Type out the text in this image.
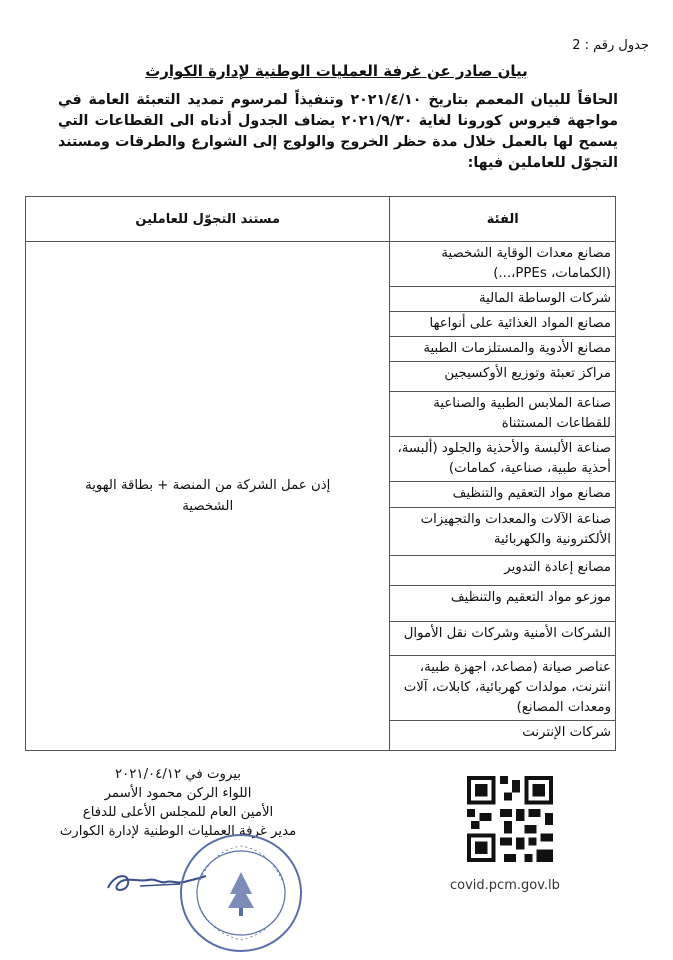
جدول رقم : 2
بيان صادر عن غرفة العمليات الوطنية لإدارة الكوارث
الحاقاً للبيان المعمم بتاريخ ٢٠٢١/٤/١٠ وتنفيذاً لمرسوم تمديد التعبئة العامة في مواجهة فيروس كورونا لغاية ٢٠٢١/٩/٣٠ يضاف الجدول أدناه الى القطاعات التي يسمح لها بالعمل خلال مدة حظر الخروج والولوج إلى الشوارع والطرقات ومستند التجوّل للعاملين فيها:
الفئة	مستند التجوّل للعاملين
مصانع معدات الوقاية الشخصية (الكمامات، PPEs،...)	إذن عمل الشركة من المنصة + بطاقة الهوية الشخصية
شركات الوساطة المالية	
مصانع المواد الغذائية على أنواعها	
مصانع الأدوية والمستلزمات الطبية	
مراكز تعبئة وتوزيع الأوكسيجين	
صناعة الملابس الطبية والصناعية للقطاعات المستثناة	
صناعة الألبسة والأحذية والجلود (ألبسة، أحذية طبية، صناعية، كمامات)	
مصانع مواد التعقيم والتنظيف	
صناعة الآلات والمعدات والتجهيزات الألكترونية والكهربائية	
مصانع إعادة التدوير	
موزعو مواد التعقيم والتنظيف	
الشركات الأمنية وشركات نقل الأموال	
عناصر صيانة (مصاعد، اجهزة طبية، انترنت، مولدات كهربائية، كابلات، آلات ومعدات المصانع)	
شركات الإنترنت	
بيروت في ٢٠٢١/٠٤/١٢
اللواء الركن محمود الأسمر
الأمين العام للمجلس الأعلى للدفاع
مدير غرفة العمليات الوطنية لإدارة الكوارث
covid.pcm.gov.lb
